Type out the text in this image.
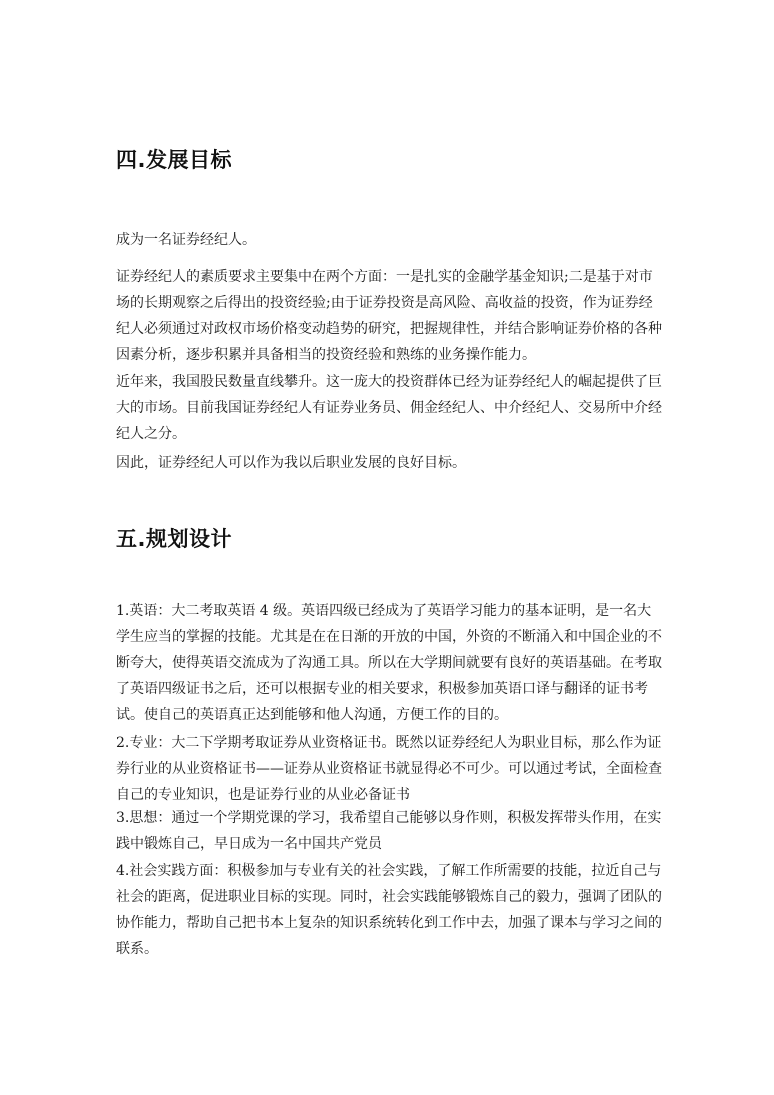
四.发展目标

成为一名证券经纪人。

证券经纪人的素质要求主要集中在两个方面：一是扎实的金融学基金知识;二是基于对市场的长期观察之后得出的投资经验;由于证券投资是高风险、高收益的投资，作为证券经纪人必须通过对政权市场价格变动趋势的研究，把握规律性，并结合影响证券价格的各种因素分析，逐步积累并具备相当的投资经验和熟练的业务操作能力。

近年来，我国股民数量直线攀升。这一庞大的投资群体已经为证券经纪人的崛起提供了巨大的市场。目前我国证券经纪人有证券业务员、佣金经纪人、中介经纪人、交易所中介经纪人之分。

因此，证券经纪人可以作为我以后职业发展的良好目标。

五.规划设计

1.英语：大二考取英语 4 级。英语四级已经成为了英语学习能力的基本证明，是一名大学生应当的掌握的技能。尤其是在在日渐的开放的中国，外资的不断涌入和中国企业的不断夸大，使得英语交流成为了沟通工具。所以在大学期间就要有良好的英语基础。在考取了英语四级证书之后，还可以根据专业的相关要求，积极参加英语口译与翻译的证书考试。使自己的英语真正达到能够和他人沟通，方便工作的目的。

2.专业：大二下学期考取证券从业资格证书。既然以证券经纪人为职业目标，那么作为证券行业的从业资格证书——证券从业资格证书就显得必不可少。可以通过考试，全面检查自己的专业知识，也是证券行业的从业必备证书

3.思想：通过一个学期党课的学习，我希望自己能够以身作则，积极发挥带头作用，在实践中锻炼自己，早日成为一名中国共产党员

4.社会实践方面：积极参加与专业有关的社会实践，了解工作所需要的技能，拉近自己与社会的距离，促进职业目标的实现。同时，社会实践能够锻炼自己的毅力，强调了团队的协作能力，帮助自己把书本上复杂的知识系统转化到工作中去，加强了课本与学习之间的联系。
